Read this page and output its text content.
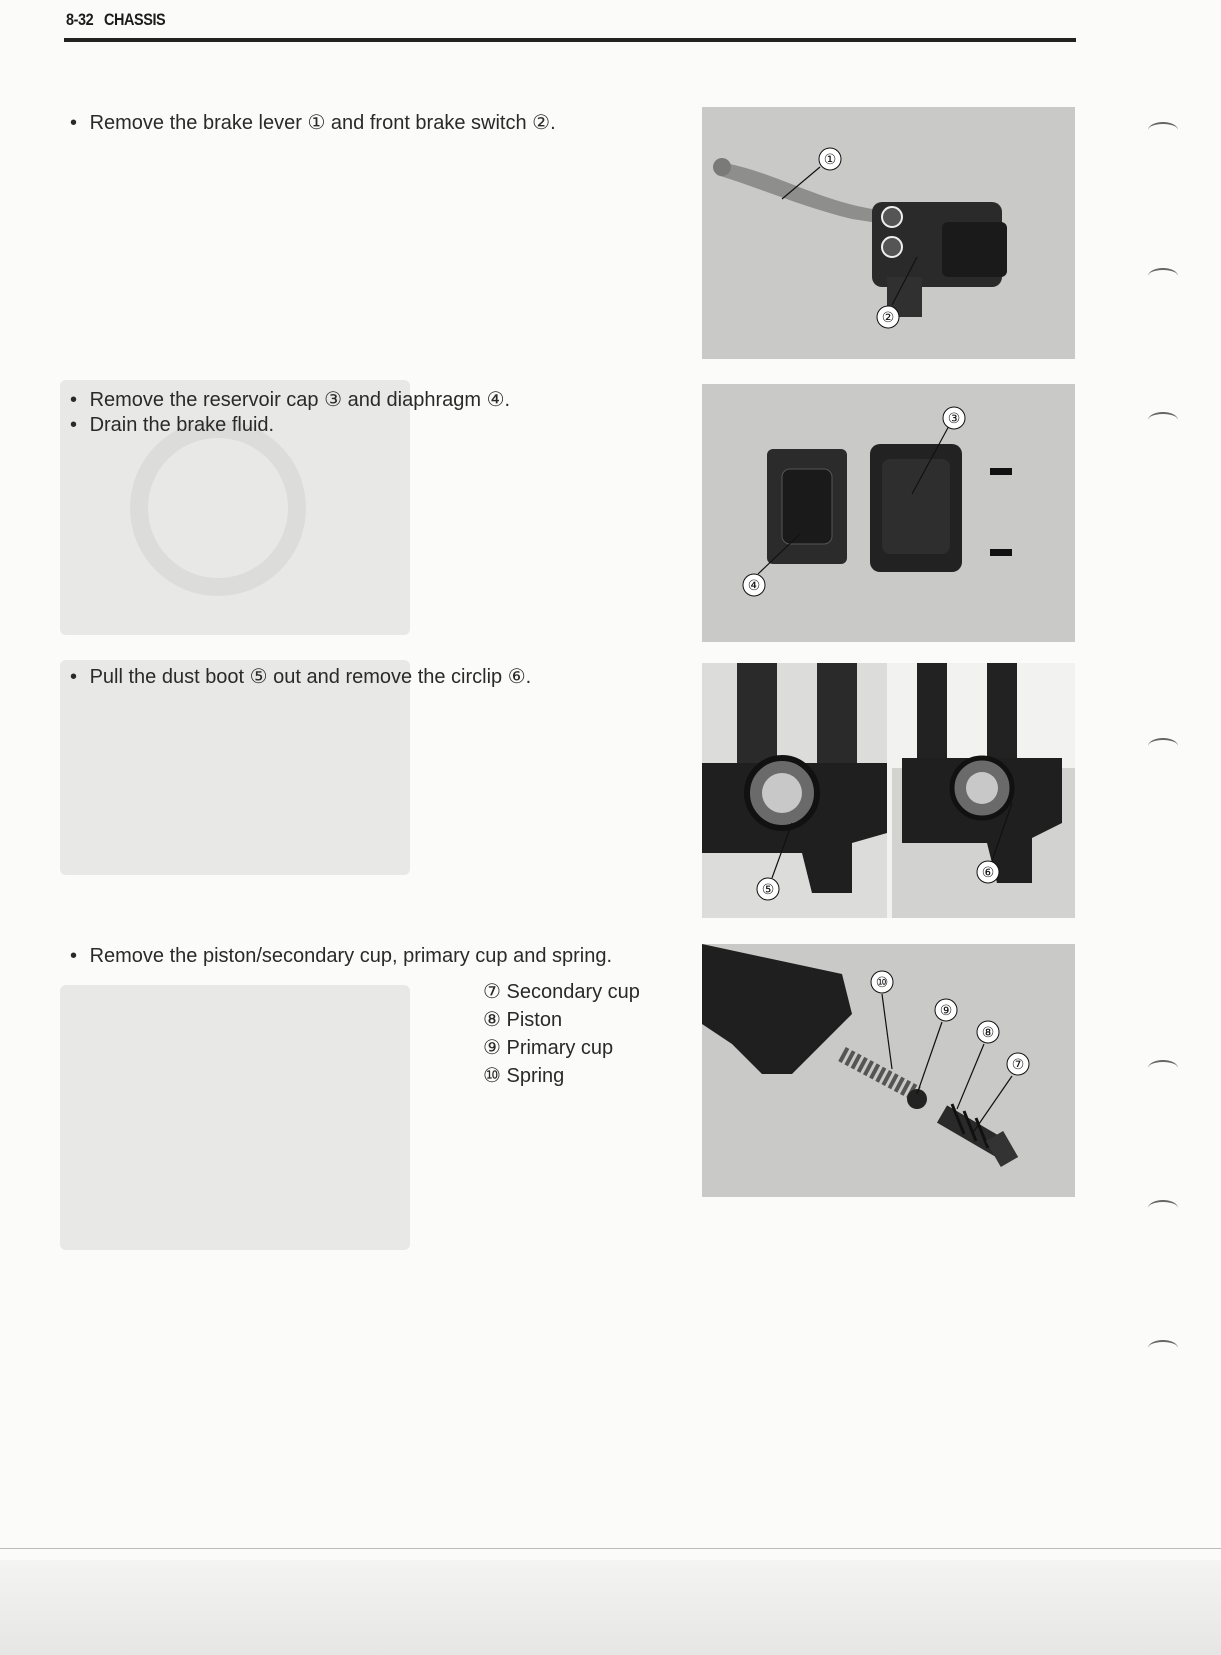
8-32 CHASSIS
• Remove the brake lever ① and front brake switch ②.
• Remove the reservoir cap ③ and diaphragm ④.
• Drain the brake fluid.
• Pull the dust boot ⑤ out and remove the circlip ⑥.
• Remove the piston/secondary cup, primary cup and spring.
⑦ Secondary cup
⑧ Piston
⑨ Primary cup
⑩ Spring
①
②
③
④
⑤
⑥
⑩
⑨
⑧
⑦
